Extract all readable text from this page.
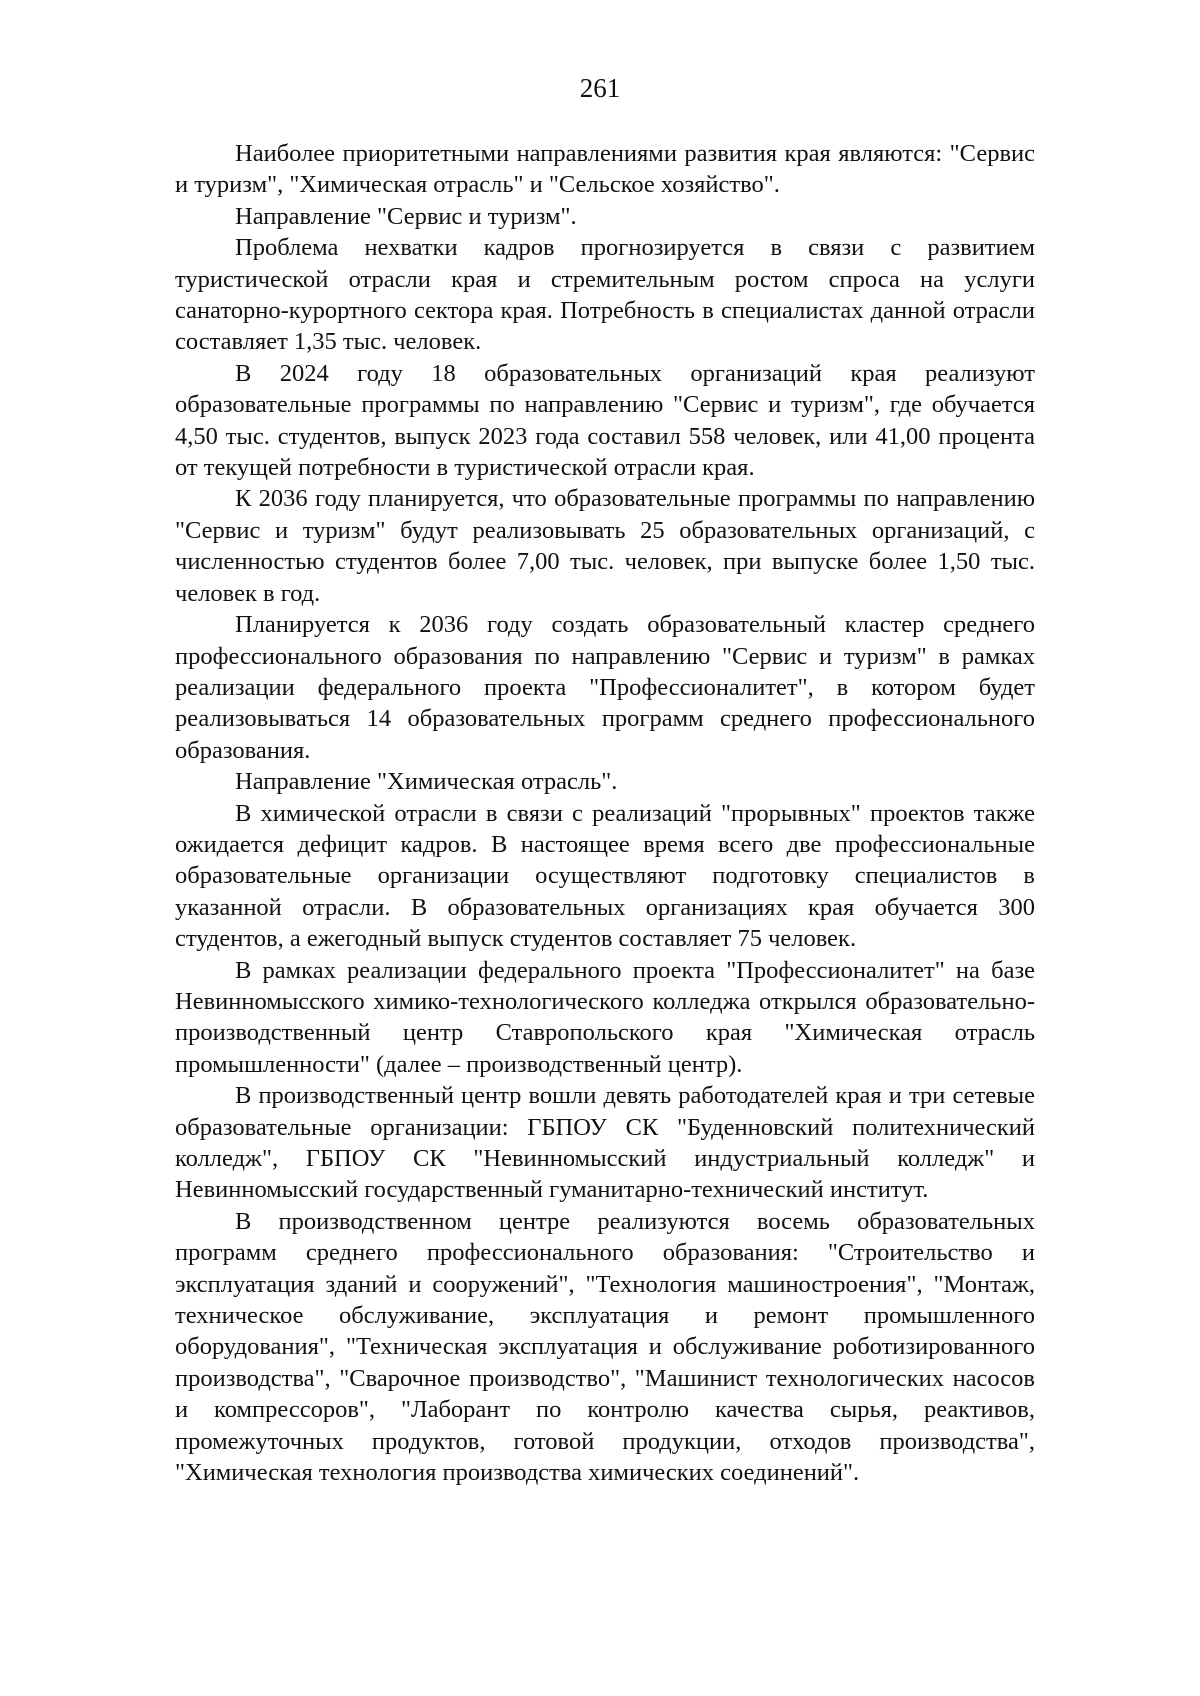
261

Наиболее приоритетными направлениями развития края являются: "Сервис и туризм", "Химическая отрасль" и "Сельское хозяйство".

Направление "Сервис и туризм".

Проблема нехватки кадров прогнозируется в связи с развитием туристической отрасли края и стремительным ростом спроса на услуги санаторно-курортного сектора края. Потребность в специалистах данной отрасли составляет 1,35 тыс. человек.

В 2024 году 18 образовательных организаций края реализуют образовательные программы по направлению "Сервис и туризм", где обучается 4,50 тыс. студентов, выпуск 2023 года составил 558 человек, или 41,00 процента от текущей потребности в туристической отрасли края.

К 2036 году планируется, что образовательные программы по направлению "Сервис и туризм" будут реализовывать 25 образовательных организаций, с численностью студентов более 7,00 тыс. человек, при выпуске более 1,50 тыс. человек в год.

Планируется к 2036 году создать образовательный кластер среднего профессионального образования по направлению "Сервис и туризм" в рамках реализации федерального проекта "Профессионалитет", в котором будет реализовываться 14 образовательных программ среднего профессионального образования.

Направление "Химическая отрасль".

В химической отрасли в связи с реализаций "прорывных" проектов также ожидается дефицит кадров. В настоящее время всего две профессиональные образовательные организации осуществляют подготовку специалистов в указанной отрасли. В образовательных организациях края обучается 300 студентов, а ежегодный выпуск студентов составляет 75 человек.

В рамках реализации федерального проекта "Профессионалитет" на базе Невинномысского химико-технологического колледжа открылся образовательно-производственный центр Ставропольского края "Химическая отрасль промышленности" (далее – производственный центр).

В производственный центр вошли девять работодателей края и три сетевые образовательные организации: ГБПОУ СК "Буденновский политехнический колледж", ГБПОУ СК "Невинномысский индустриальный колледж" и Невинномысский государственный гуманитарно-технический институт.

В производственном центре реализуются восемь образовательных программ среднего профессионального образования: "Строительство и эксплуатация зданий и сооружений", "Технология машиностроения", "Монтаж, техническое обслуживание, эксплуатация и ремонт промышленного оборудования", "Техническая эксплуатация и обслуживание роботизированного производства", "Сварочное производство", "Машинист технологических насосов и компрессоров", "Лаборант по контролю качества сырья, реактивов, промежуточных продуктов, готовой продукции, отходов производства", "Химическая технология производства химических соединений".
